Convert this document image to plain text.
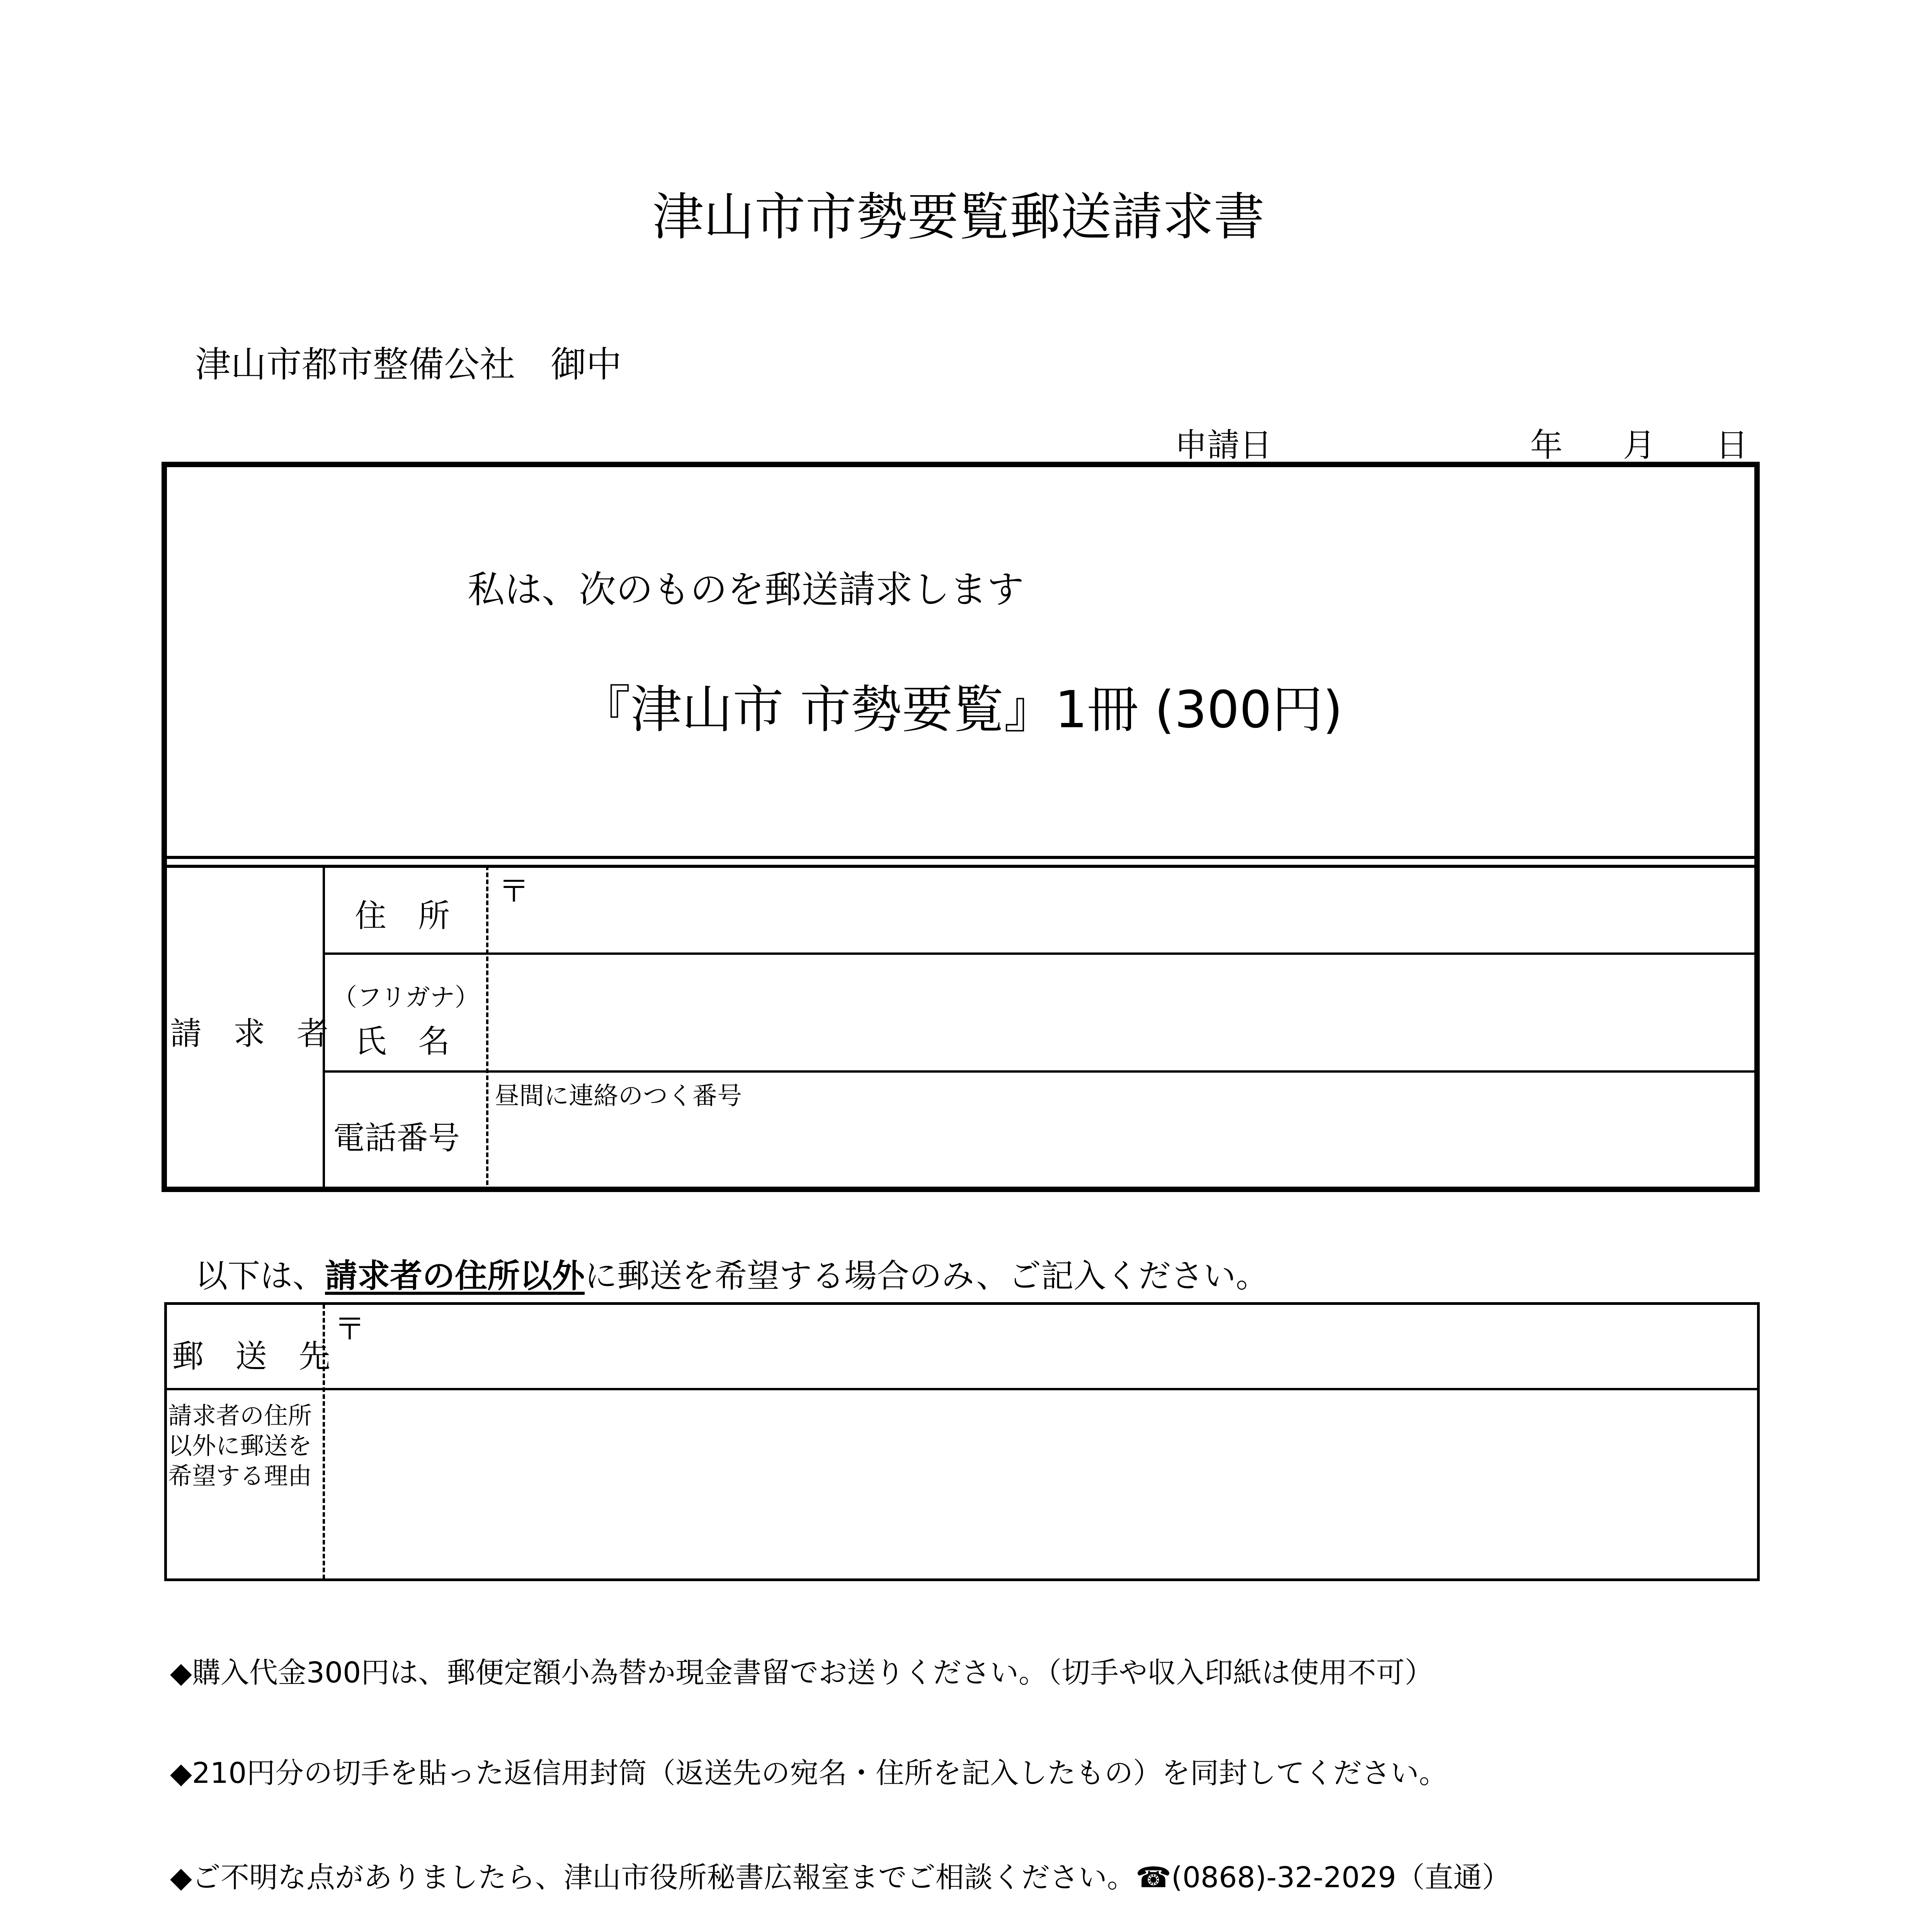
津山市市勢要覧郵送請求書
津山市都市整備公社　御中
申請日	年 月 日
私は、次のものを郵送請求します
『津山市 市勢要覧』1冊 (300円)
請　求　者
住　所
〒
（フリガナ）
氏　名
電話番号
昼間に連絡のつく番号
以下は、請求者の住所以外に郵送を希望する場合のみ、ご記入ください。
郵　送　先
〒
請求者の住所以外に郵送を希望する理由
◆購入代金300円は、郵便定額小為替か現金書留でお送りください。（切手や収入印紙は使用不可）
◆210円分の切手を貼った返信用封筒（返送先の宛名・住所を記入したもの）を同封してください。
◆ご不明な点がありましたら、津山市役所秘書広報室までご相談ください。☎(0868)-32-2029（直通）
